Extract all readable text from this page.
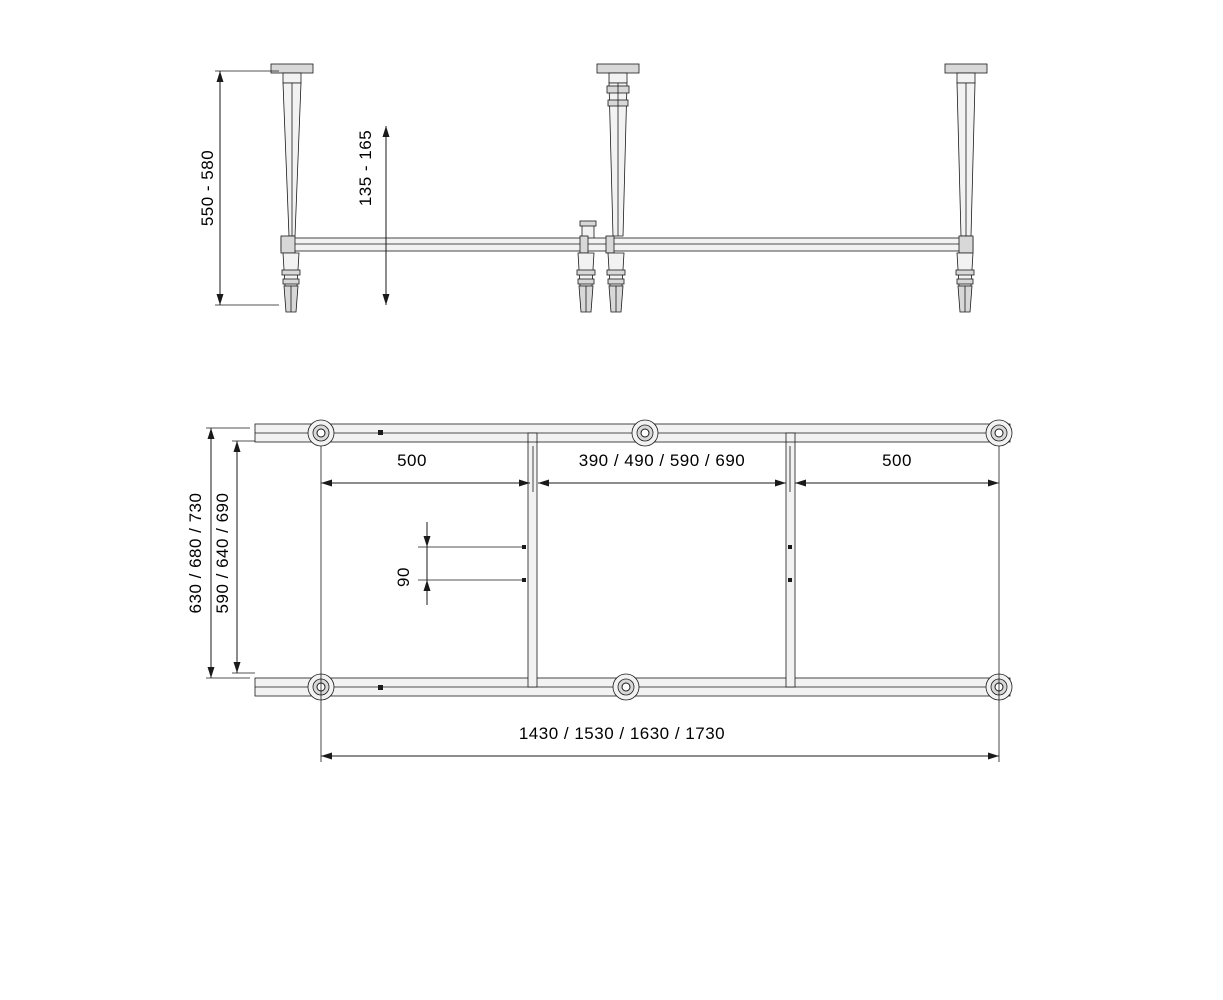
550 - 580	135 - 165
630 / 680 / 730 590 / 640 / 690
500	390 / 490 / 590 / 690	500
90
1430 / 1530 / 1630 / 1730
